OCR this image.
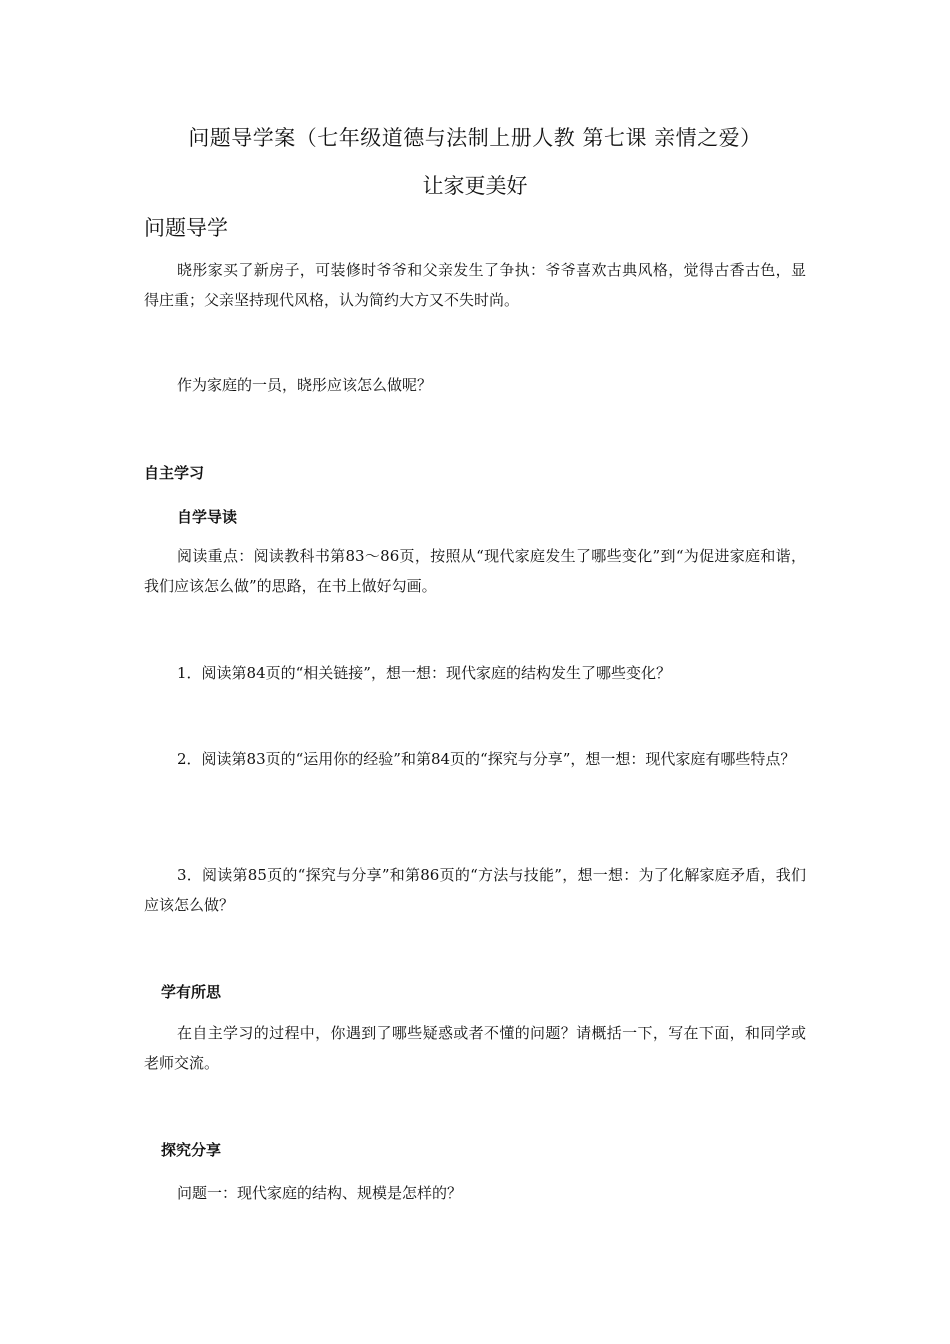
问题导学案（七年级道德与法制上册人教 第七课 亲情之爱）
让家更美好
问题导学
晓彤家买了新房子，可装修时爷爷和父亲发生了争执：爷爷喜欢古典风格，觉得古香古色，显得庄重；父亲坚持现代风格，认为简约大方又不失时尚。
作为家庭的一员，晓彤应该怎么做呢？
自主学习
自学导读
阅读重点：阅读教科书第83～86页，按照从“现代家庭发生了哪些变化”到“为促进家庭和谐，我们应该怎么做”的思路，在书上做好勾画。
1．阅读第84页的“相关链接”，想一想：现代家庭的结构发生了哪些变化？
2．阅读第83页的“运用你的经验”和第84页的“探究与分享”，想一想：现代家庭有哪些特点？
3．阅读第85页的“探究与分享”和第86页的“方法与技能”，想一想：为了化解家庭矛盾，我们应该怎么做？
学有所思
在自主学习的过程中，你遇到了哪些疑惑或者不懂的问题？请概括一下，写在下面，和同学或老师交流。
探究分享
问题一：现代家庭的结构、规模是怎样的？
